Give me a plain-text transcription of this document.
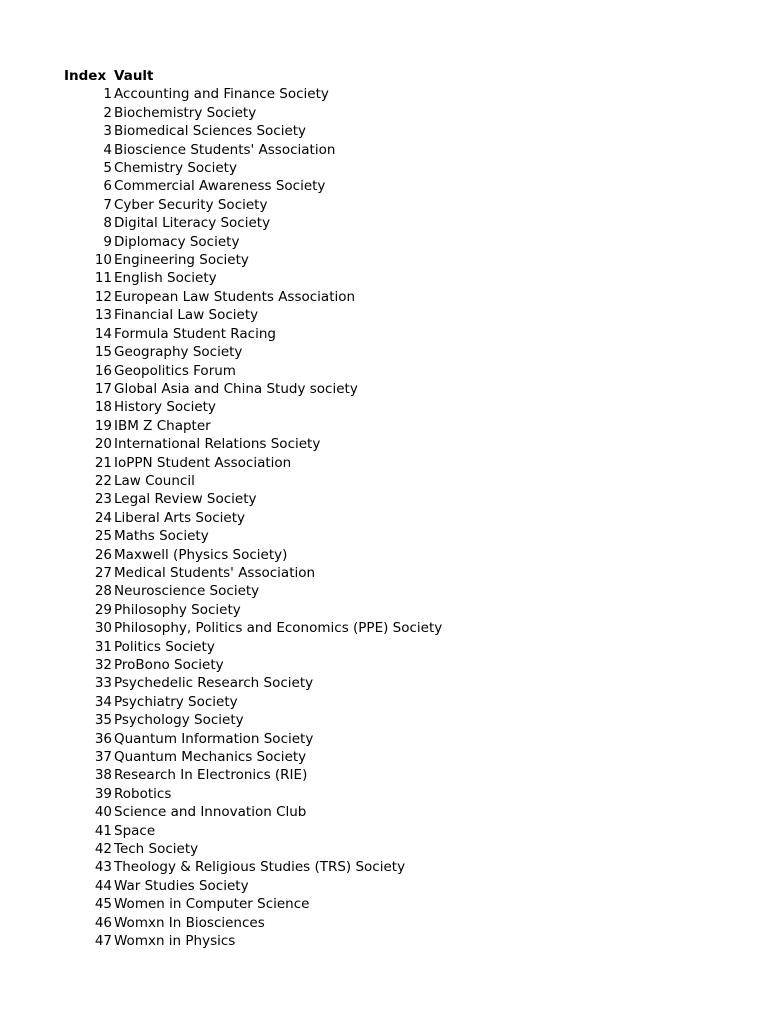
Index	Vault
1	Accounting and Finance Society
2	Biochemistry Society
3	Biomedical Sciences Society
4	Bioscience Students' Association
5	Chemistry Society
6	Commercial Awareness Society
7	Cyber Security Society
8	Digital Literacy Society
9	Diplomacy Society
10	Engineering Society
11	English Society
12	European Law Students Association
13	Financial Law Society
14	Formula Student Racing
15	Geography Society
16	Geopolitics Forum
17	Global Asia and China Study society
18	History Society
19	IBM Z Chapter
20	International Relations Society
21	IoPPN Student Association
22	Law Council
23	Legal Review Society
24	Liberal Arts Society
25	Maths Society
26	Maxwell (Physics Society)
27	Medical Students' Association
28	Neuroscience Society
29	Philosophy Society
30	Philosophy, Politics and Economics (PPE) Society
31	Politics Society
32	ProBono Society
33	Psychedelic Research Society
34	Psychiatry Society
35	Psychology Society
36	Quantum Information Society
37	Quantum Mechanics Society
38	Research In Electronics (RIE)
39	Robotics
40	Science and Innovation Club
41	Space
42	Tech Society
43	Theology & Religious Studies (TRS) Society
44	War Studies Society
45	Women in Computer Science
46	Womxn In Biosciences
47	Womxn in Physics
